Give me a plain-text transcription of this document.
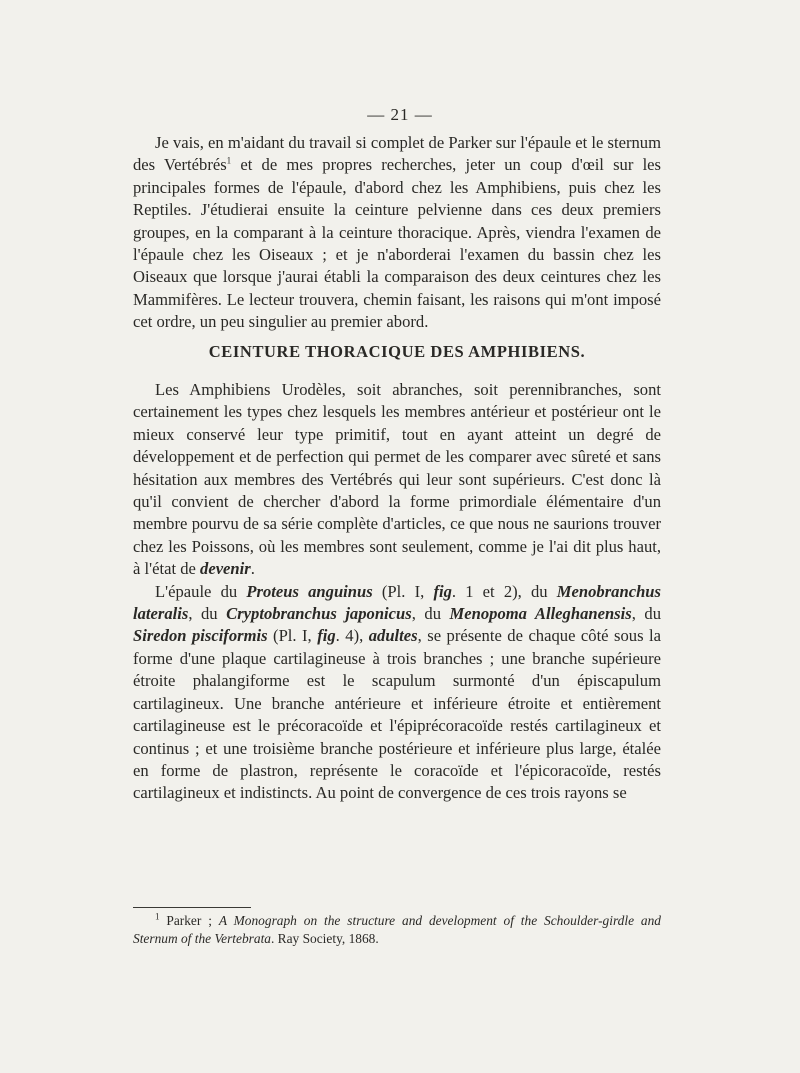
— 21 —

Je vais, en m'aidant du travail si complet de Parker sur l'épaule et le sternum des Vertébrés$^1$ et de mes propres recherches, jeter un coup d'œil sur les principales formes de l'épaule, d'abord chez les Amphibiens, puis chez les Reptiles. J'étudierai ensuite la ceinture pelvienne dans ces deux premiers groupes, en la comparant à la ceinture thoracique. Après, viendra l'examen de l'épaule chez les Oiseaux ; et je n'aborderai l'examen du bassin chez les Oiseaux que lorsque j'aurai établi la comparaison des deux ceintures chez les Mammifères. Le lecteur trouvera, chemin faisant, les raisons qui m'ont imposé cet ordre, un peu singulier au premier abord.

CEINTURE THORACIQUE DES AMPHIBIENS.

Les Amphibiens Urodèles, soit abranches, soit perennibranches, sont certainement les types chez lesquels les membres antérieur et postérieur ont le mieux conservé leur type primitif, tout en ayant atteint un degré de développement et de perfection qui permet de les comparer avec sûreté et sans hésitation aux membres des Vertébrés qui leur sont supérieurs. C'est donc là qu'il convient de chercher d'abord la forme primordiale élémentaire d'un membre pourvu de sa série complète d'articles, ce que nous ne saurions trouver chez les Poissons, où les membres sont seulement, comme je l'ai dit plus haut, à l'état de devenir.

L'épaule du Proteus anguinus (Pl. I, fig. 1 et 2), du Menobranchus lateralis, du Cryptobranchus japonicus, du Menopoma Alleghanensis, du Siredon pisciformis (Pl. I, fig. 4), adultes, se présente de chaque côté sous la forme d'une plaque cartilagineuse à trois branches ; une branche supérieure étroite phalangiforme est le scapulum surmonté d'un épiscapulum cartilagineux. Une branche antérieure et inférieure étroite et entièrement cartilagineuse est le précoracoïde et l'épiprécoracoïde restés cartilagineux et continus ; et une troisième branche postérieure et inférieure plus large, étalée en forme de plastron, représente le coracoïde et l'épicoracoïde, restés cartilagineux et indistincts. Au point de convergence de ces trois rayons se

$^1$ Parker ; A Monograph on the structure and development of the Schoulder-girdle and Sternum of the Vertebrata. Ray Society, 1868.
